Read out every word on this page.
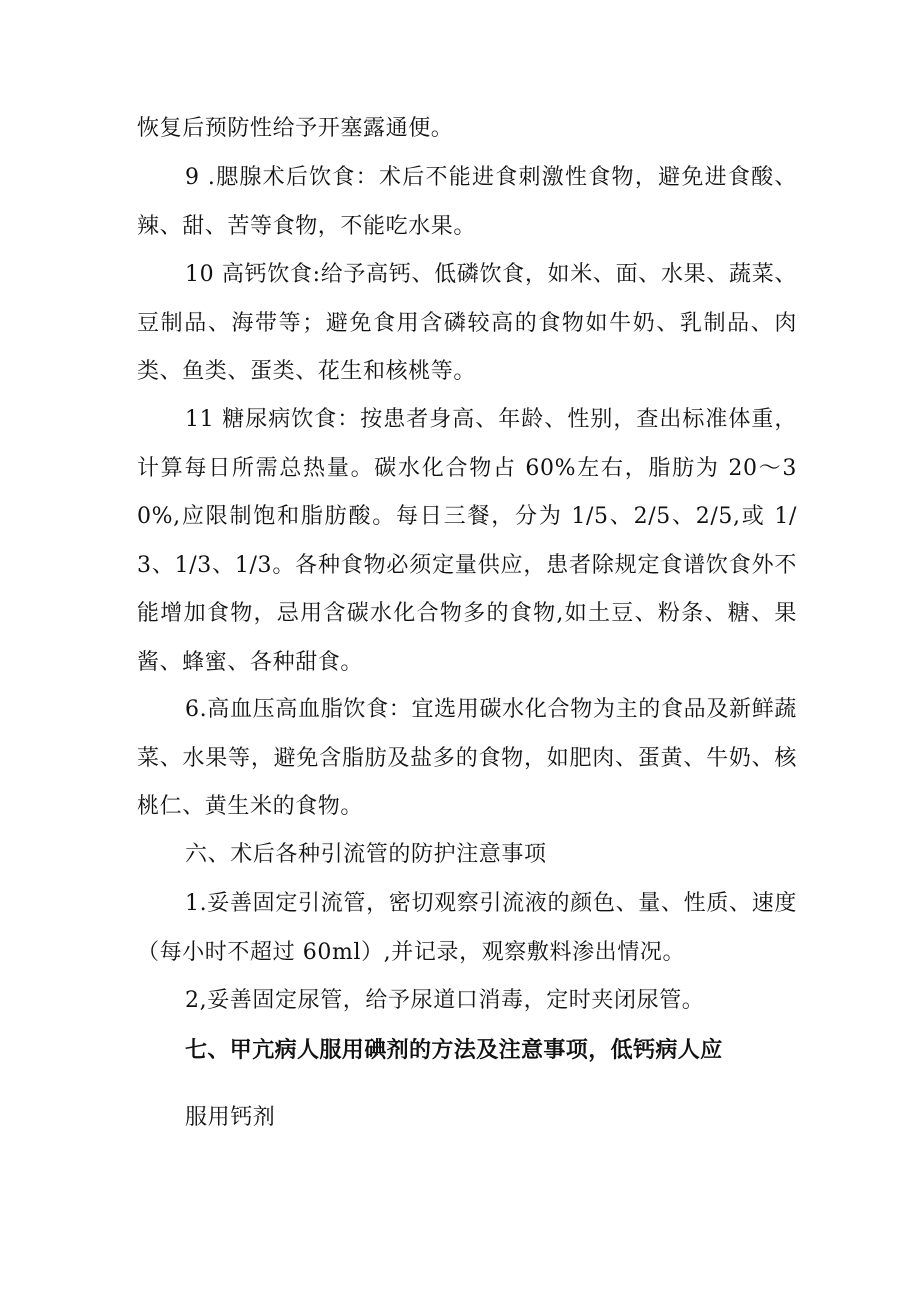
恢复后预防性给予开塞露通便。

9 .腮腺术后饮食：术后不能进食刺激性食物，避免进食酸、辣、甜、苦等食物，不能吃水果。

10 高钙饮食:给予高钙、低磷饮食，如米、面、水果、蔬菜、豆制品、海带等；避免食用含磷较高的食物如牛奶、乳制品、肉类、鱼类、蛋类、花生和核桃等。

11 糖尿病饮食：按患者身高、年龄、性别，查出标准体重，计算每日所需总热量。碳水化合物占 60%左右，脂肪为 20～30%,应限制饱和脂肪酸。每日三餐，分为 1/5、2/5、2/5,或 1/3、1/3、1/3。各种食物必须定量供应，患者除规定食谱饮食外不能增加食物，忌用含碳水化合物多的食物,如土豆、粉条、糖、果酱、蜂蜜、各种甜食。

6.高血压高血脂饮食：宜选用碳水化合物为主的食品及新鲜蔬菜、水果等，避免含脂肪及盐多的食物，如肥肉、蛋黄、牛奶、核桃仁、黄生米的食物。

六、术后各种引流管的防护注意事项

1.妥善固定引流管，密切观察引流液的颜色、量、性质、速度（每小时不超过 60ml）,并记录，观察敷料渗出情况。

2,妥善固定尿管，给予尿道口消毒，定时夹闭尿管。

七、甲亢病人服用碘剂的方法及注意事项，低钙病人应

服用钙剂
